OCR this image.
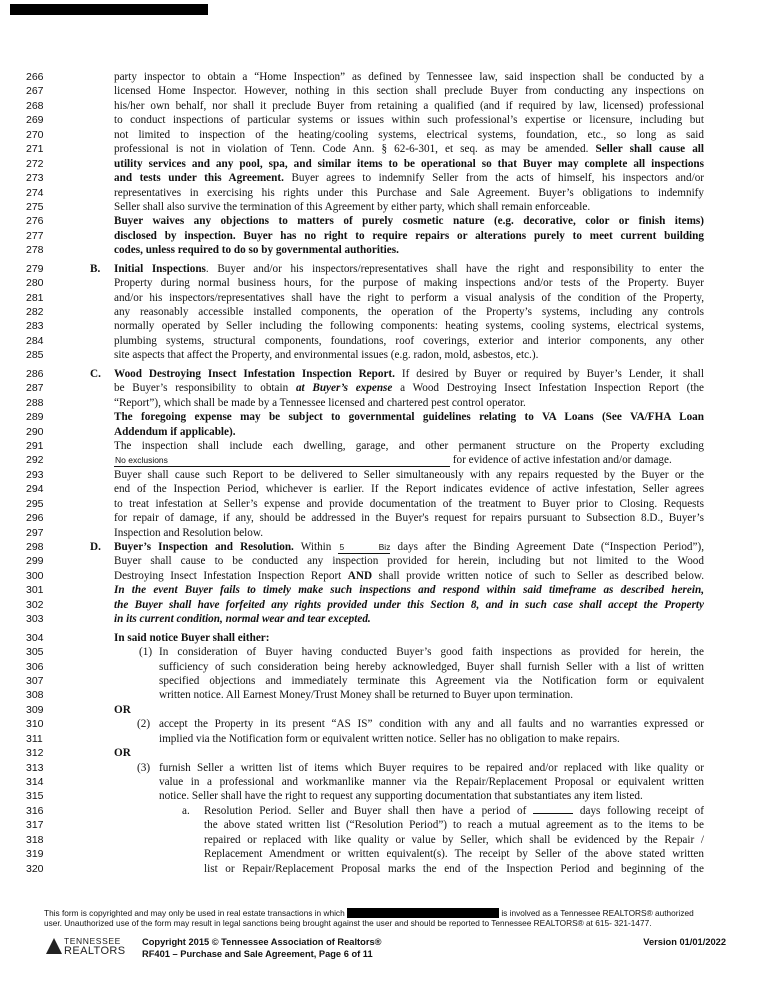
266	party inspector to obtain a “Home Inspection” as defined by Tennessee law, said inspection shall be conducted by a
267	licensed Home Inspector. However, nothing in this section shall preclude Buyer from conducting any inspections on
268	his/her own behalf, nor shall it preclude Buyer from retaining a qualified (and if required by law, licensed) professional
269	to conduct inspections of particular systems or issues within such professional’s expertise or licensure, including but
270	not limited to inspection of the heating/cooling systems, electrical systems, foundation, etc., so long as said
271	professional is not in violation of Tenn. Code Ann. § 62-6-301, et seq. as may be amended. Seller shall cause all
272	utility services and any pool, spa, and similar items to be operational so that Buyer may complete all inspections
273	and tests under this Agreement. Buyer agrees to indemnify Seller from the acts of himself, his inspectors and/or
274	representatives in exercising his rights under this Purchase and Sale Agreement. Buyer’s obligations to indemnify
275	Seller shall also survive the termination of this Agreement by either party, which shall remain enforceable.
276	Buyer waives any objections to matters of purely cosmetic nature (e.g. decorative, color or finish items)
277	disclosed by inspection. Buyer has no right to require repairs or alterations purely to meet current building
278	codes, unless required to do so by governmental authorities.
279	B. Initial Inspections. Buyer and/or his inspectors/representatives shall have the right and responsibility to enter the
280	Property during normal business hours, for the purpose of making inspections and/or tests of the Property. Buyer
281	and/or his inspectors/representatives shall have the right to perform a visual analysis of the condition of the Property,
282	any reasonably accessible installed components, the operation of the Property’s systems, including any controls
283	normally operated by Seller including the following components: heating systems, cooling systems, electrical systems,
284	plumbing systems, structural components, foundations, roof coverings, exterior and interior components, any other
285	site aspects that affect the Property, and environmental issues (e.g. radon, mold, asbestos, etc.).
286	C. Wood Destroying Insect Infestation Inspection Report. If desired by Buyer or required by Buyer’s Lender, it shall
287	be Buyer’s responsibility to obtain at Buyer’s expense a Wood Destroying Insect Infestation Inspection Report (the
288	“Report”), which shall be made by a Tennessee licensed and chartered pest control operator.
289	The foregoing expense may be subject to governmental guidelines relating to VA Loans (See VA/FHA Loan
290	Addendum if applicable).
291	The inspection shall include each dwelling, garage, and other permanent structure on the Property excluding
292	No exclusions	for evidence of active infestation and/or damage.
293	Buyer shall cause such Report to be delivered to Seller simultaneously with any repairs requested by the Buyer or the
294	end of the Inspection Period, whichever is earlier. If the Report indicates evidence of active infestation, Seller agrees
295	to treat infestation at Seller’s expense and provide documentation of the treatment to Buyer prior to Closing. Requests
296	for repair of damage, if any, should be addressed in the Buyer's request for repairs pursuant to Subsection 8.D., Buyer’s
297	Inspection and Resolution below.
298	D. Buyer’s Inspection and Resolution. Within 5 Biz days after the Binding Agreement Date (“Inspection Period”),
299	Buyer shall cause to be conducted any inspection provided for herein, including but not limited to the Wood
300	Destroying Insect Infestation Inspection Report AND shall provide written notice of such to Seller as described below.
301	In the event Buyer fails to timely make such inspections and respond within said timeframe as described herein,
302	the Buyer shall have forfeited any rights provided under this Section 8, and in such case shall accept the Property
303	in its current condition, normal wear and tear excepted.
304	In said notice Buyer shall either:
305	(1) In consideration of Buyer having conducted Buyer’s good faith inspections as provided for herein, the
306	sufficiency of such consideration being hereby acknowledged, Buyer shall furnish Seller with a list of written
307	specified objections and immediately terminate this Agreement via the Notification form or equivalent
308	written notice. All Earnest Money/Trust Money shall be returned to Buyer upon termination.
309	OR
310	(2) accept the Property in its present “AS IS” condition with any and all faults and no warranties expressed or
311	implied via the Notification form or equivalent written notice. Seller has no obligation to make repairs.
312	OR
313	(3) furnish Seller a written list of items which Buyer requires to be repaired and/or replaced with like quality or
314	value in a professional and workmanlike manner via the Repair/Replacement Proposal or equivalent written
315	notice. Seller shall have the right to request any supporting documentation that substantiates any item listed.
316	a. Resolution Period. Seller and Buyer shall then have a period of	days following receipt of
317	the above stated written list (“Resolution Period”) to reach a mutual agreement as to the items to be
318	repaired or replaced with like quality or value by Seller, which shall be evidenced by the Repair /
319	Replacement Amendment or written equivalent(s). The receipt by Seller of the above stated written
320	list or Repair/Replacement Proposal marks the end of the Inspection Period and beginning of the
This form is copyrighted and may only be used in real estate transactions in which	is involved as a Tennessee REALTORS® authorized
user. Unauthorized use of the form may result in legal sanctions being brought against the user and should be reported to Tennessee REALTORS® at 615- 321-1477.
TENNESSEE
REALTORS
Copyright 2015 © Tennessee Association of Realtors®
RF401 – Purchase and Sale Agreement, Page 6 of 11
Version 01/01/2022
